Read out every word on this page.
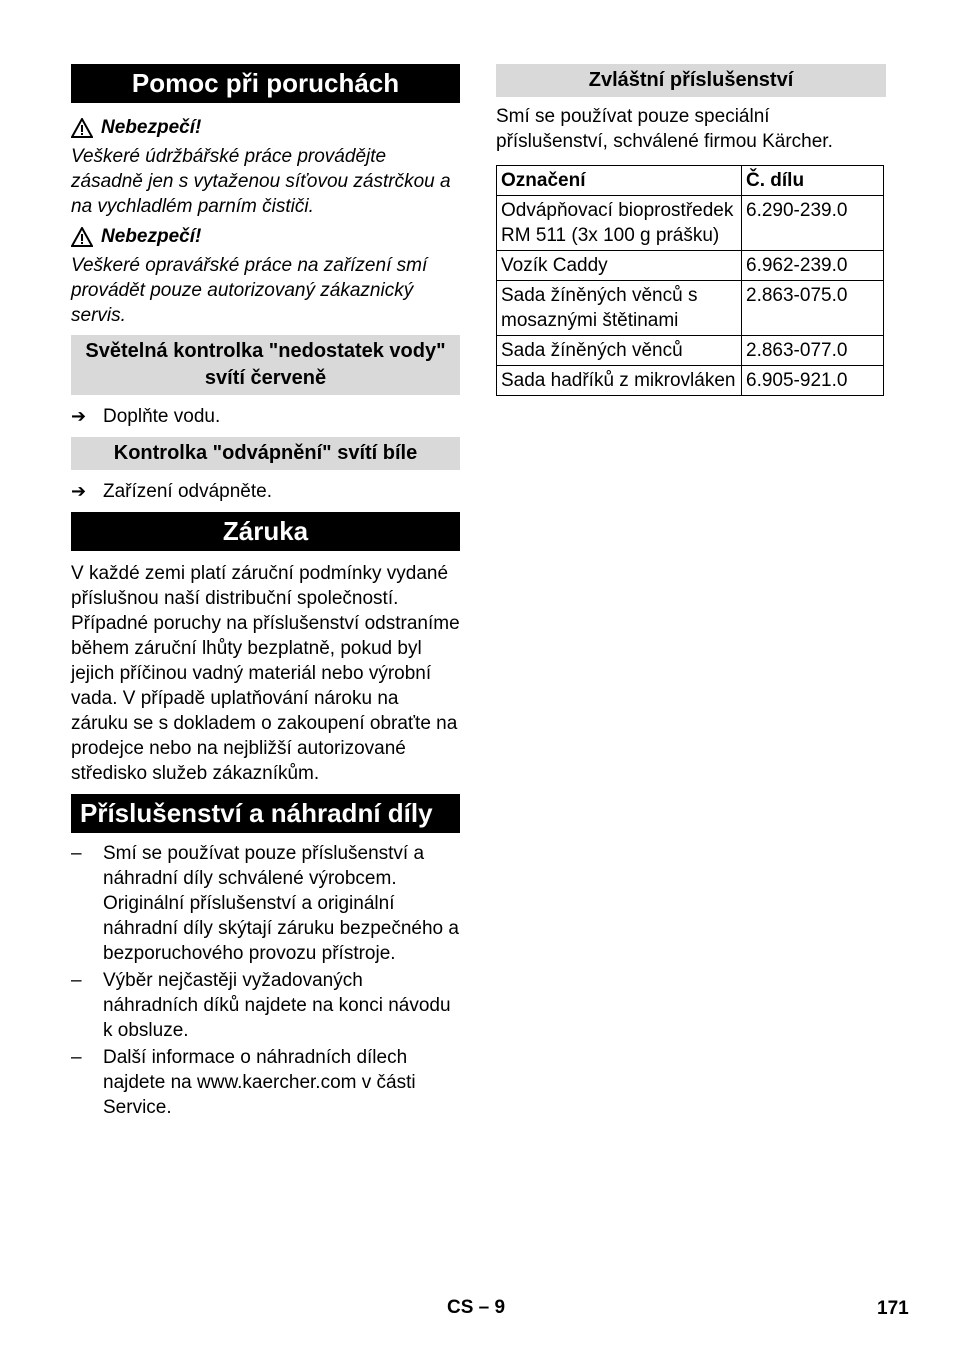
Pomoc při poruchách
Nebezpečí!
Veškeré údržbářské práce provádějte zásadně jen s vytaženou síťovou zástrčkou a na vychladlém parním čističi.
Nebezpečí!
Veškeré opravářské práce na zařízení smí provádět pouze autorizovaný zákaznický servis.
Světelná kontrolka "nedostatek vody" svítí červeně
➔ Doplňte vodu.
Kontrolka "odvápnění" svítí bíle
➔ Zařízení odvápněte.
Záruka

V každé zemi platí záruční podmínky vydané příslušnou naší distribuční společností. Případné poruchy na příslušenství odstraníme během záruční lhůty bezplatně, pokud byl jejich příčinou vadný materiál nebo výrobní vada. V případě uplatňování nároku na záruku se s dokladem o zakoupení obraťte na prodejce nebo na nejbližší autorizované středisko služeb zákazníkům.

Příslušenství a náhradní díly
–	Smí se používat pouze příslušenství a náhradní díly schválené výrobcem. Originální příslušenství a originální náhradní díly skýtají záruku bezpečného a bezporuchového provozu přístroje.
–	Výběr nejčastěji vyžadovaných náhradních díků najdete na konci návodu k obsluze.
–	Další informace o náhradních dílech najdete na www.kaercher.com v části Service.
Zvláštní příslušenství

Smí se používat pouze speciální příslušenství, schválené firmou Kärcher.

Označení	Č. dílu
Odvápňovací bioprostředek RM 511 (3x 100 g prášku)	6.290-239.0
Vozík Caddy	6.962-239.0
Sada žíněných věnců s mosaznými štětinami	2.863-075.0
Sada žíněných věnců	2.863-077.0
Sada hadříků z mikrovláken	6.905-921.0
CS – 9	171
